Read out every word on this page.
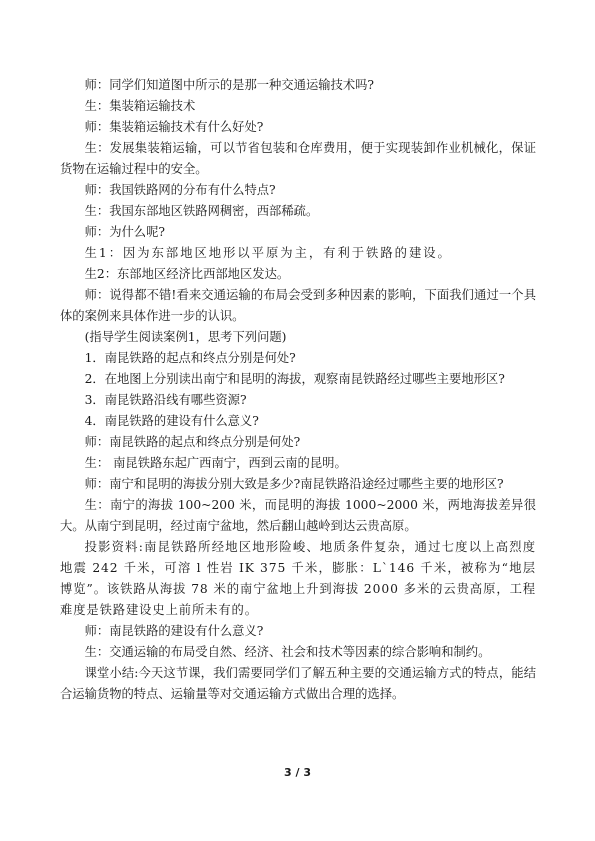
师：同学们知道图中所示的是那一种交通运输技术吗?

生：集装箱运输技术

师：集装箱运输技术有什么好处?

生：发展集装箱运输，可以节省包装和仓库费用，便于实现装卸作业机械化，保证货物在运输过程中的安全。

师：我国铁路网的分布有什么特点?

生：我国东部地区铁路网稠密，西部稀疏。

师：为什么呢?

生1：因为东部地区地形以平原为主，有利于铁路的建设。

生2：东部地区经济比西部地区发达。

师：说得都不错!看来交通运输的布局会受到多种因素的影响，下面我们通过一个具体的案例来具体作进一步的认识。

(指导学生阅读案例1，思考下列问题)

1．南昆铁路的起点和终点分别是何处?

2．在地图上分别读出南宁和昆明的海拔，观察南昆铁路经过哪些主要地形区?

3．南昆铁路沿线有哪些资源?

4．南昆铁路的建设有什么意义?

师：南昆铁路的起点和终点分别是何处?

生： 南昆铁路东起广西南宁，西到云南的昆明。

师：南宁和昆明的海拔分别大致是多少?南昆铁路沿途经过哪些主要的地形区?

生：南宁的海拔 100~200 米，而昆明的海拔 1000~2000 米，两地海拔差异很大。从南宁到昆明，经过南宁盆地，然后翻山越岭到达云贵高原。

投影资料:南昆铁路所经地区地形险峻、地质条件复杂，通过七度以上高烈度地震 242 千米，可溶 l 性岩 IK 375 千米，膨胀：L`146 千米，被称为“地层博览”。该铁路从海拔 78 米的南宁盆地上升到海拔 2000 多米的云贵高原，工程难度是铁路建设史上前所未有的。

师：南昆铁路的建设有什么意义?

生：交通运输的布局受自然、经济、社会和技术等因素的综合影响和制约。

课堂小结:今天这节课，我们需要同学们了解五种主要的交通运输方式的特点，能结合运输货物的特点、运输量等对交通运输方式做出合理的选择。

3 / 3
